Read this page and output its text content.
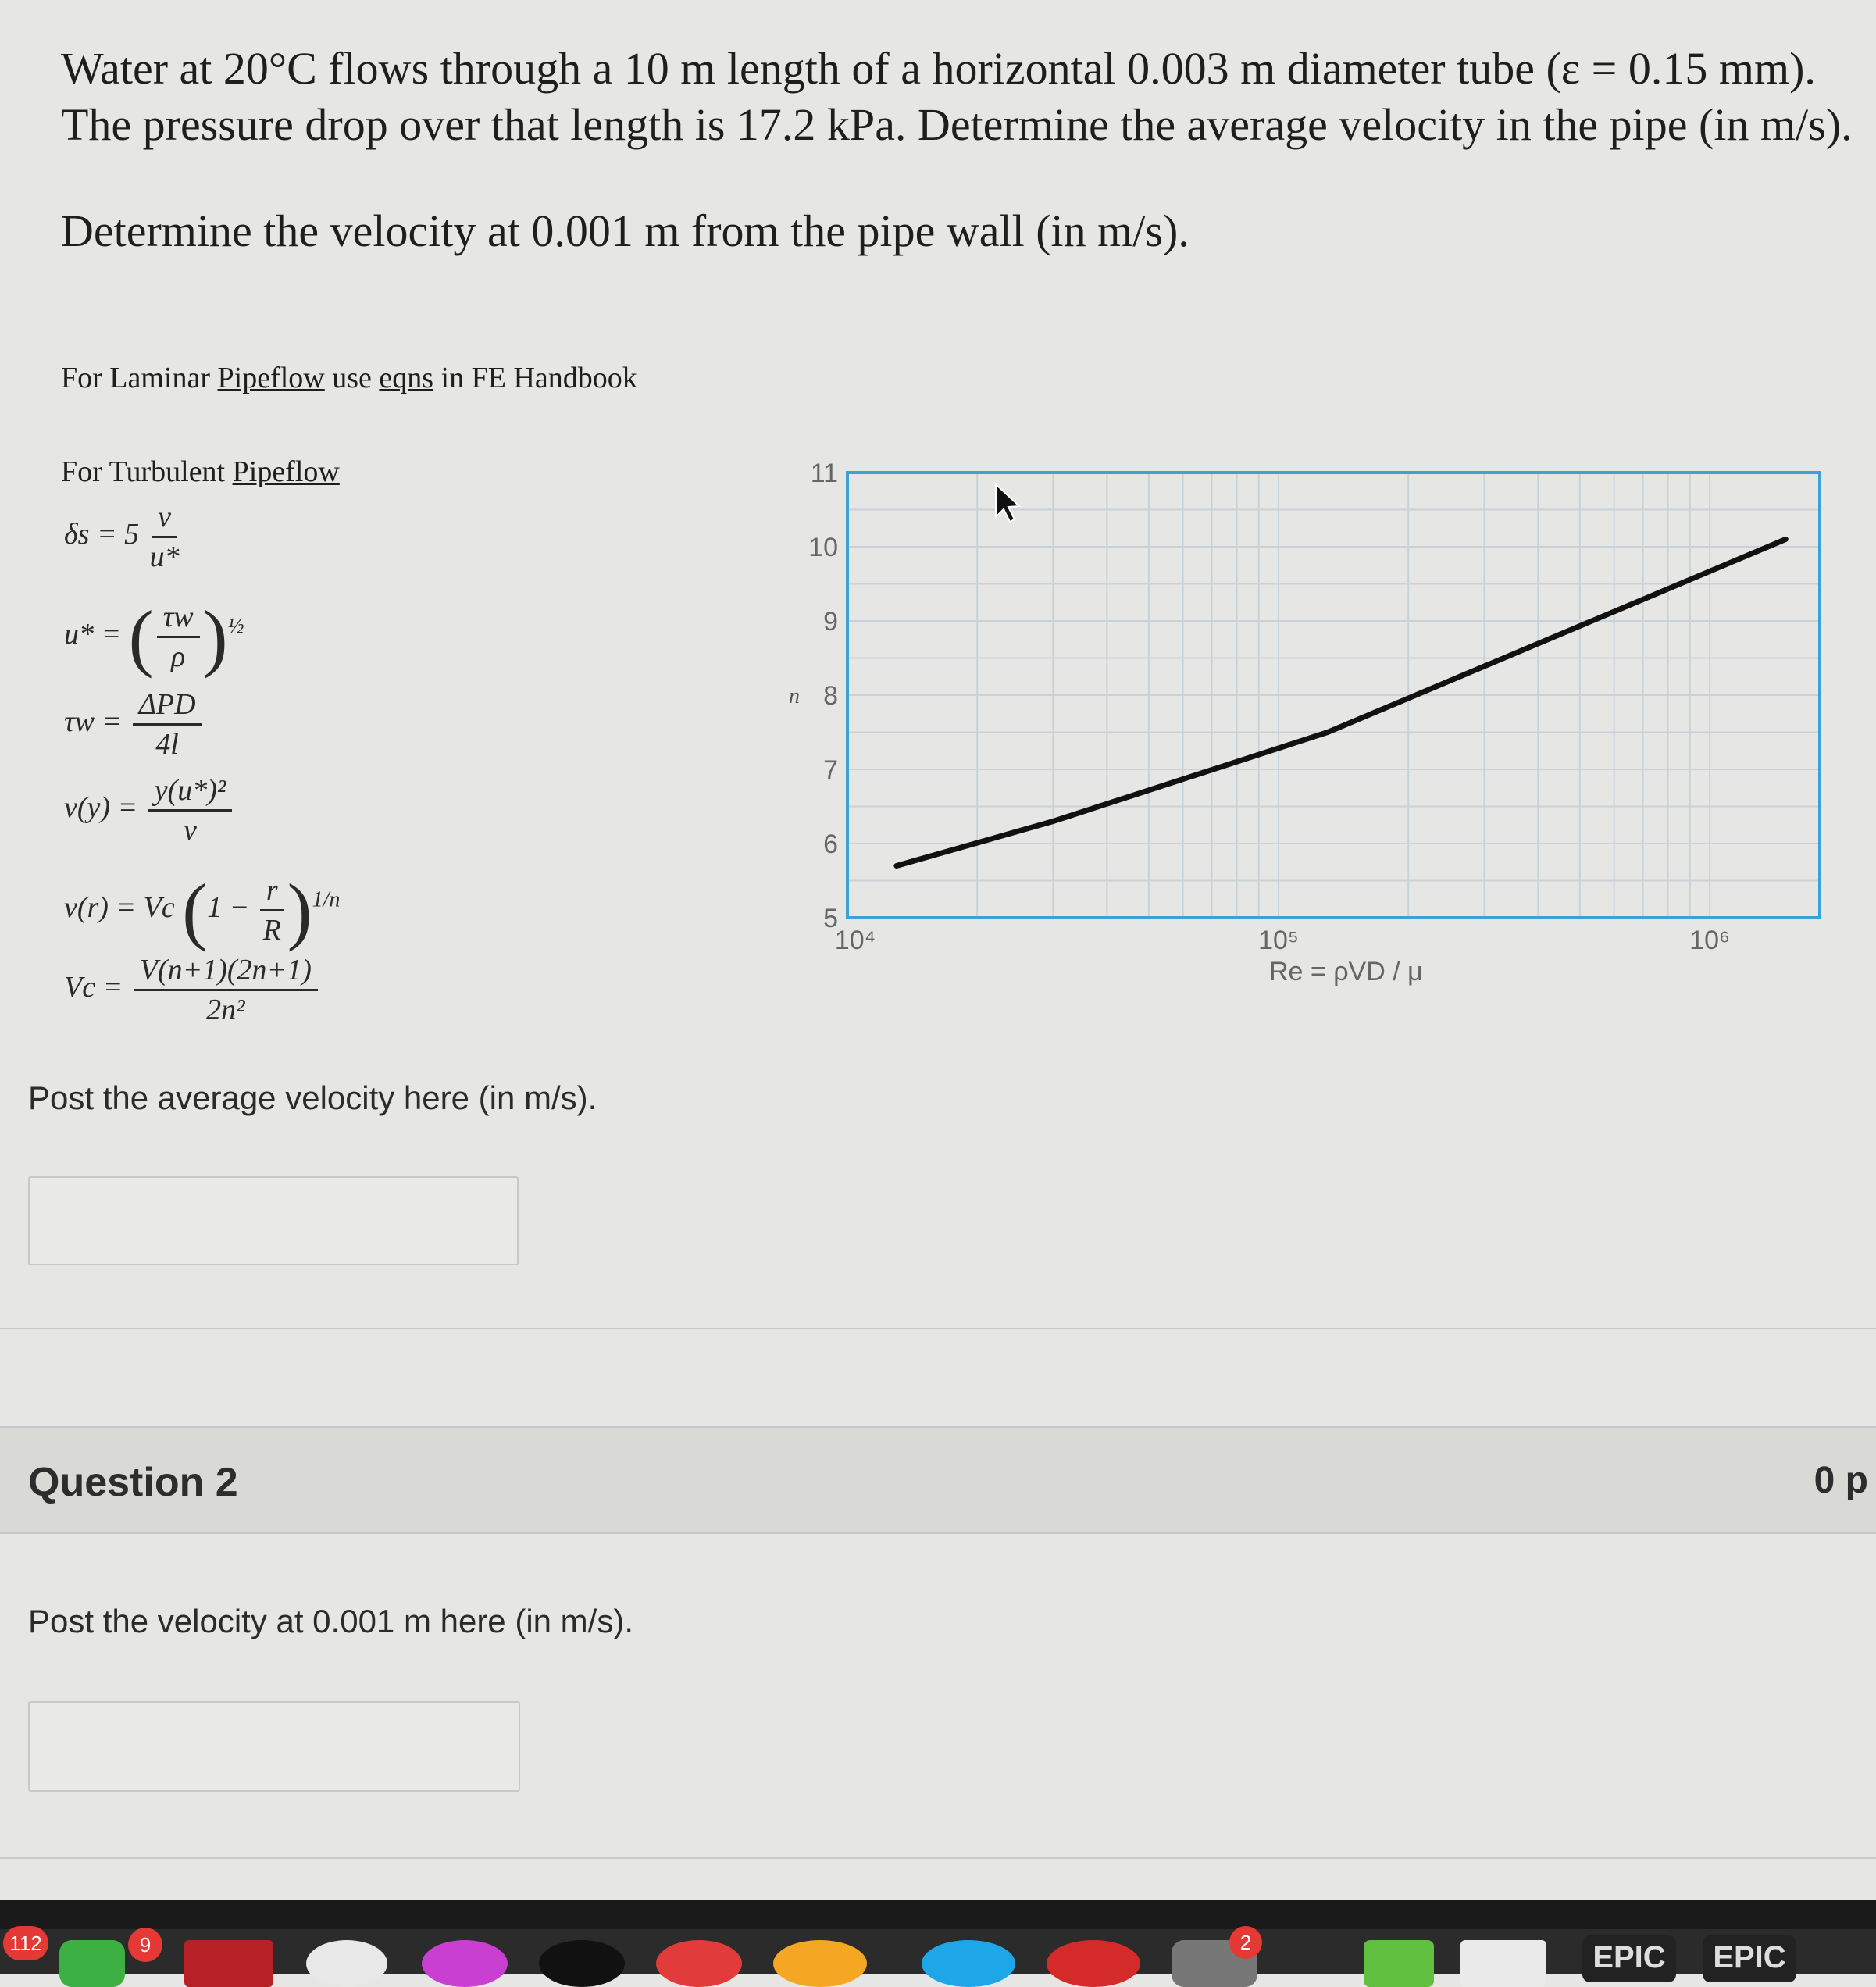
Water at 20°C flows through a 10 m length of a horizontal 0.003 m diameter tube (ε = 0.15 mm). The pressure drop over that length is 17.2 kPa. Determine the average velocity in the pipe (in m/s).

Determine the velocity at 0.001 m from the pipe wall (in m/s).

For Laminar Pipeflow use eqns in FE Handbook
For Turbulent Pipeflow
$\delta s = 5 \frac{\nu}{u*}$
u* = ( $\frac{\tau w}{\rho} )^{\frac{1}{2}}$
$\tau w = \frac{\text{ΔPD}}{4l}$
$v(y) = \frac{\text{y(u*)²}}{\nu}$
v(r) = Vc $(1 - \frac{r}{R} )^{1/n}$
$Vc = \frac{V(n+1)(2n+1)}{\text{2n²}}$
10⁴	10⁵	10⁶
5
6
7
8
9
10
11
n
Re = ρVD / μ
Post the average velocity here (in m/s).
Question 2	0 p
Post the velocity at 0.001 m here (in m/s).
112	9	2	EPIC	EPIC
